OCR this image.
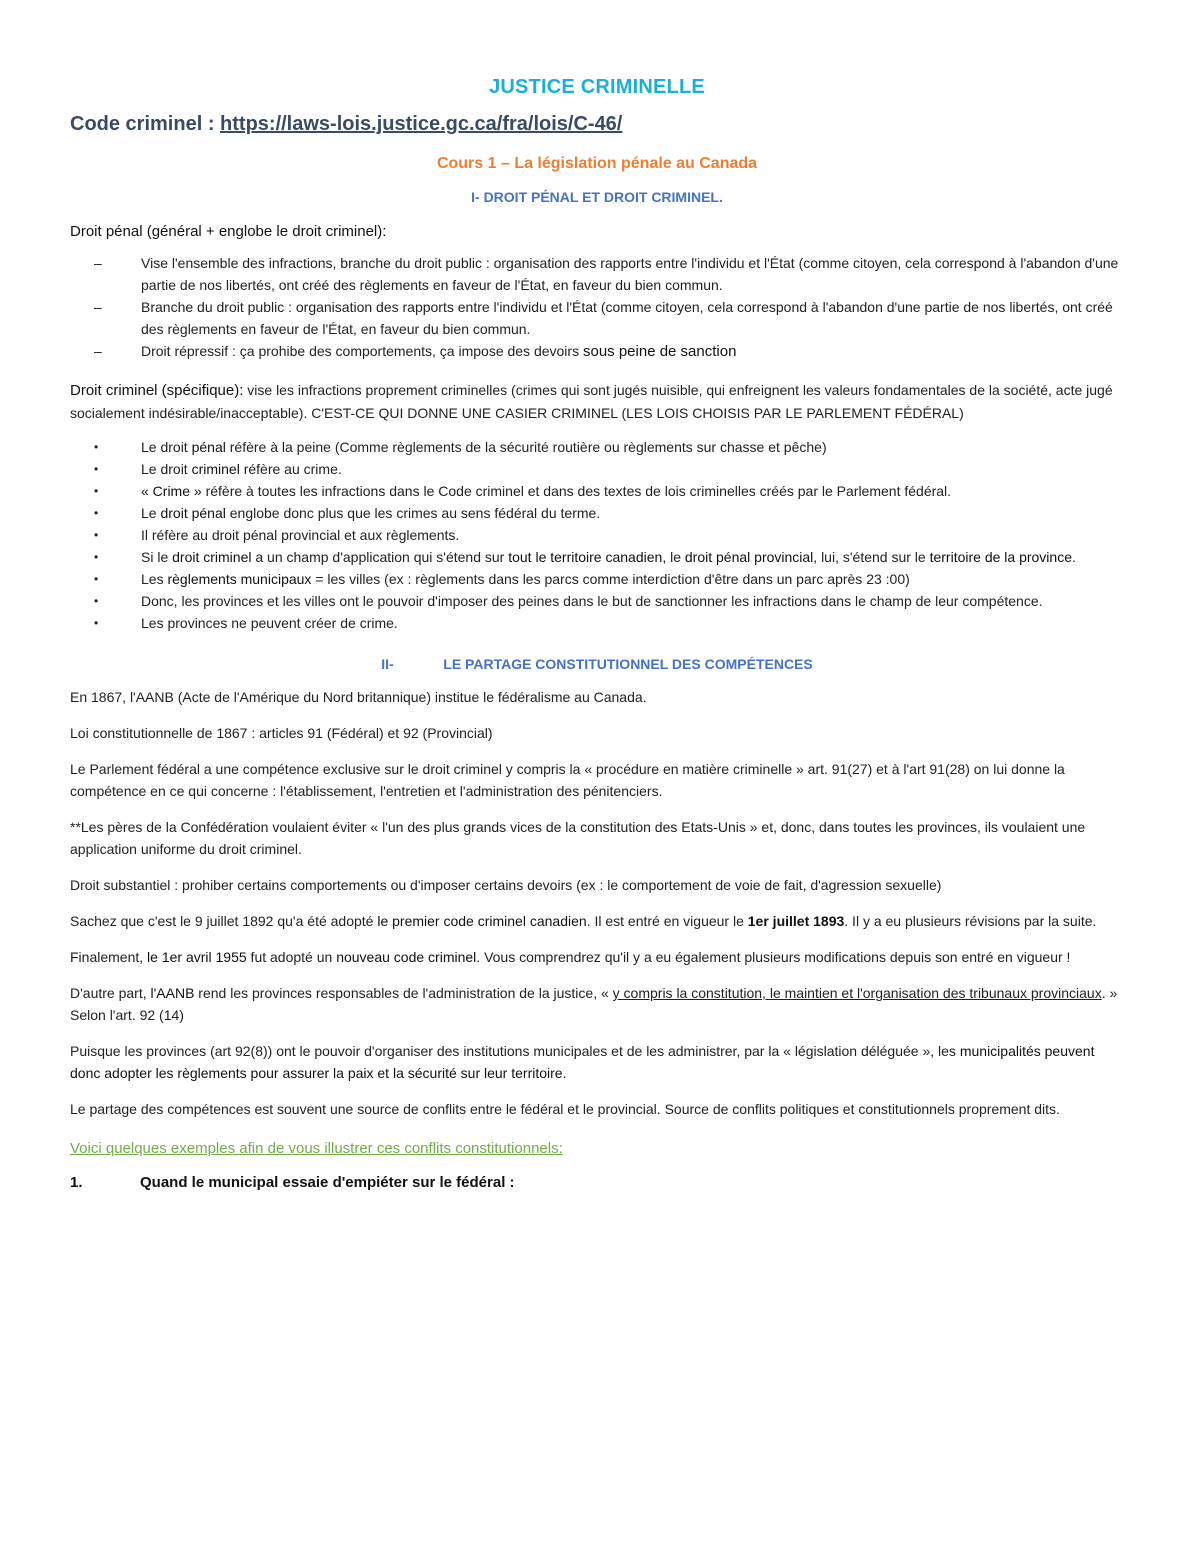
JUSTICE CRIMINELLE

Code criminel : https://laws-lois.justice.gc.ca/fra/lois/C-46/

Cours 1 – La législation pénale au Canada
I- DROIT PÉNAL ET DROIT CRIMINEL.

Droit pénal (général + englobe le droit criminel):

–	Vise l'ensemble des infractions, branche du droit public : organisation des rapports entre l'individu et l'État (comme citoyen, cela correspond à l'abandon d'une partie de nos libertés, ont créé des règlements en faveur de l'État, en faveur du bien commun.
–	Branche du droit public : organisation des rapports entre l'individu et l'État (comme citoyen, cela correspond à l'abandon d'une partie de nos libertés, ont créé des règlements en faveur de l'État, en faveur du bien commun.
–	Droit répressif : ça prohibe des comportements, ça impose des devoirs sous peine de sanction

Droit criminel (spécifique): vise les infractions proprement criminelles (crimes qui sont jugés nuisible, qui enfreignent les valeurs fondamentales de la société, acte jugé socialement indésirable/inacceptable). C'EST-CE QUI DONNE UNE CASIER CRIMINEL (LES LOIS CHOISIS PAR LE PARLEMENT FÉDÉRAL)

•	Le droit pénal réfère à la peine (Comme règlements de la sécurité routière ou règlements sur chasse et pêche)
•	Le droit criminel réfère au crime.
•	« Crime » réfère à toutes les infractions dans le Code criminel et dans des textes de lois criminelles créés par le Parlement fédéral.
•	Le droit pénal englobe donc plus que les crimes au sens fédéral du terme.
•	Il réfère au droit pénal provincial et aux règlements.
•	Si le droit criminel a un champ d'application qui s'étend sur tout le territoire canadien, le droit pénal provincial, lui, s'étend sur le territoire de la province.
•	Les règlements municipaux = les villes (ex : règlements dans les parcs comme interdiction d'être dans un parc après 23 :00)
•	Donc, les provinces et les villes ont le pouvoir d'imposer des peines dans le but de sanctionner les infractions dans le champ de leur compétence.
•	Les provinces ne peuvent créer de crime.
II-	LE PARTAGE CONSTITUTIONNEL DES COMPÉTENCES

En 1867, l'AANB (Acte de l'Amérique du Nord britannique) institue le fédéralisme au Canada.

Loi constitutionnelle de 1867 : articles 91 (Fédéral) et 92 (Provincial)

Le Parlement fédéral a une compétence exclusive sur le droit criminel y compris la « procédure en matière criminelle » art. 91(27) et à l'art 91(28) on lui donne la compétence en ce qui concerne : l'établissement, l'entretien et l'administration des pénitenciers.

**Les pères de la Confédération voulaient éviter « l'un des plus grands vices de la constitution des Etats-Unis » et, donc, dans toutes les provinces, ils voulaient une application uniforme du droit criminel.

Droit substantiel : prohiber certains comportements ou d'imposer certains devoirs (ex : le comportement de voie de fait, d'agression sexuelle)

Sachez que c'est le 9 juillet 1892 qu'a été adopté le premier code criminel canadien. Il est entré en vigueur le 1er juillet 1893. Il y a eu plusieurs révisions par la suite.

Finalement, le 1er avril 1955 fut adopté un nouveau code criminel. Vous comprendrez qu'il y a eu également plusieurs modifications depuis son entré en vigueur !

D'autre part, l'AANB rend les provinces responsables de l'administration de la justice, « y compris la constitution, le maintien et l'organisation des tribunaux provinciaux. » Selon l'art. 92 (14)

Puisque les provinces (art 92(8)) ont le pouvoir d'organiser des institutions municipales et de les administrer, par la « législation déléguée », les municipalités peuvent donc adopter les règlements pour assurer la paix et la sécurité sur leur territoire.

Le partage des compétences est souvent une source de conflits entre le fédéral et le provincial. Source de conflits politiques et constitutionnels proprement dits.

Voici quelques exemples afin de vous illustrer ces conflits constitutionnels:

1.	Quand le municipal essaie d'empiéter sur le fédéral :
